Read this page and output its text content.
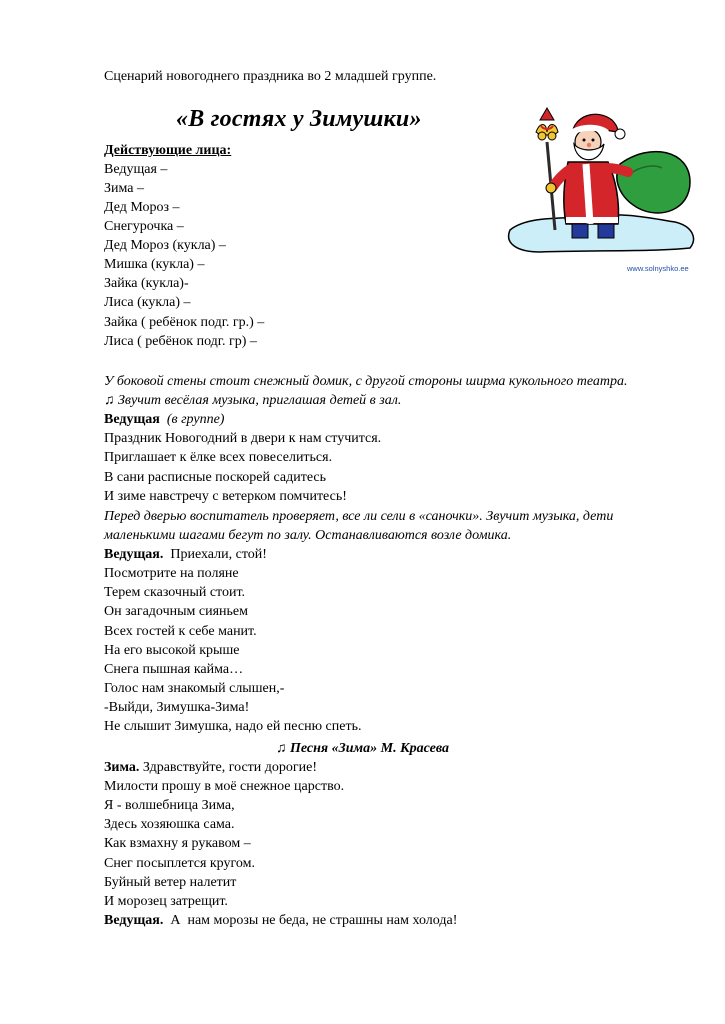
Сценарий новогоднего праздника во 2 младшей группе.
«В гостях у Зимушки»
www.solnyshko.ee
Действующие лица:
Ведущая –
Зима –
Дед Мороз –
Снегурочка –
Дед Мороз (кукла) –
Мишка (кукла) –
Зайка (кукла)-
Лиса (кукла) –
Зайка ( ребёнок подг. гр.) –
Лиса ( ребёнок подг. гр) –
У боковой стены стоит снежный домик, с другой стороны ширма кукольного театра.
♫ Звучит весёлая музыка, приглашая детей в зал.
Ведущая (в группе)
Праздник Новогодний в двери к нам стучится.
Приглашает к ёлке всех повеселиться.
В сани расписные поскорей садитесь
И зиме навстречу с ветерком помчитесь!
Перед дверью воспитатель проверяет, все ли сели в «саночки». Звучит музыка, дети
маленькими шагами бегут по залу. Останавливаются возле домика.
Ведущая.  Приехали, стой!
Посмотрите на поляне
Терем сказочный стоит.
Он загадочным сияньем
Всех гостей к себе манит.
На его высокой крыше
Снега пышная кайма…
Голос нам знакомый слышен,-
-Выйди, Зимушка-Зима!
Не слышит Зимушка, надо ей песню спеть.
♫ Песня «Зима» М. Красева
Зима. Здравствуйте, гости дорогие!
Милости прошу в моё снежное царство.
Я - волшебница Зима,
Здесь хозяюшка сама.
Как взмахну я рукавом –
Снег посыплется кругом.
Буйный ветер налетит
И морозец затрещит.
Ведущая.  А  нам морозы не беда, не страшны нам холода!
